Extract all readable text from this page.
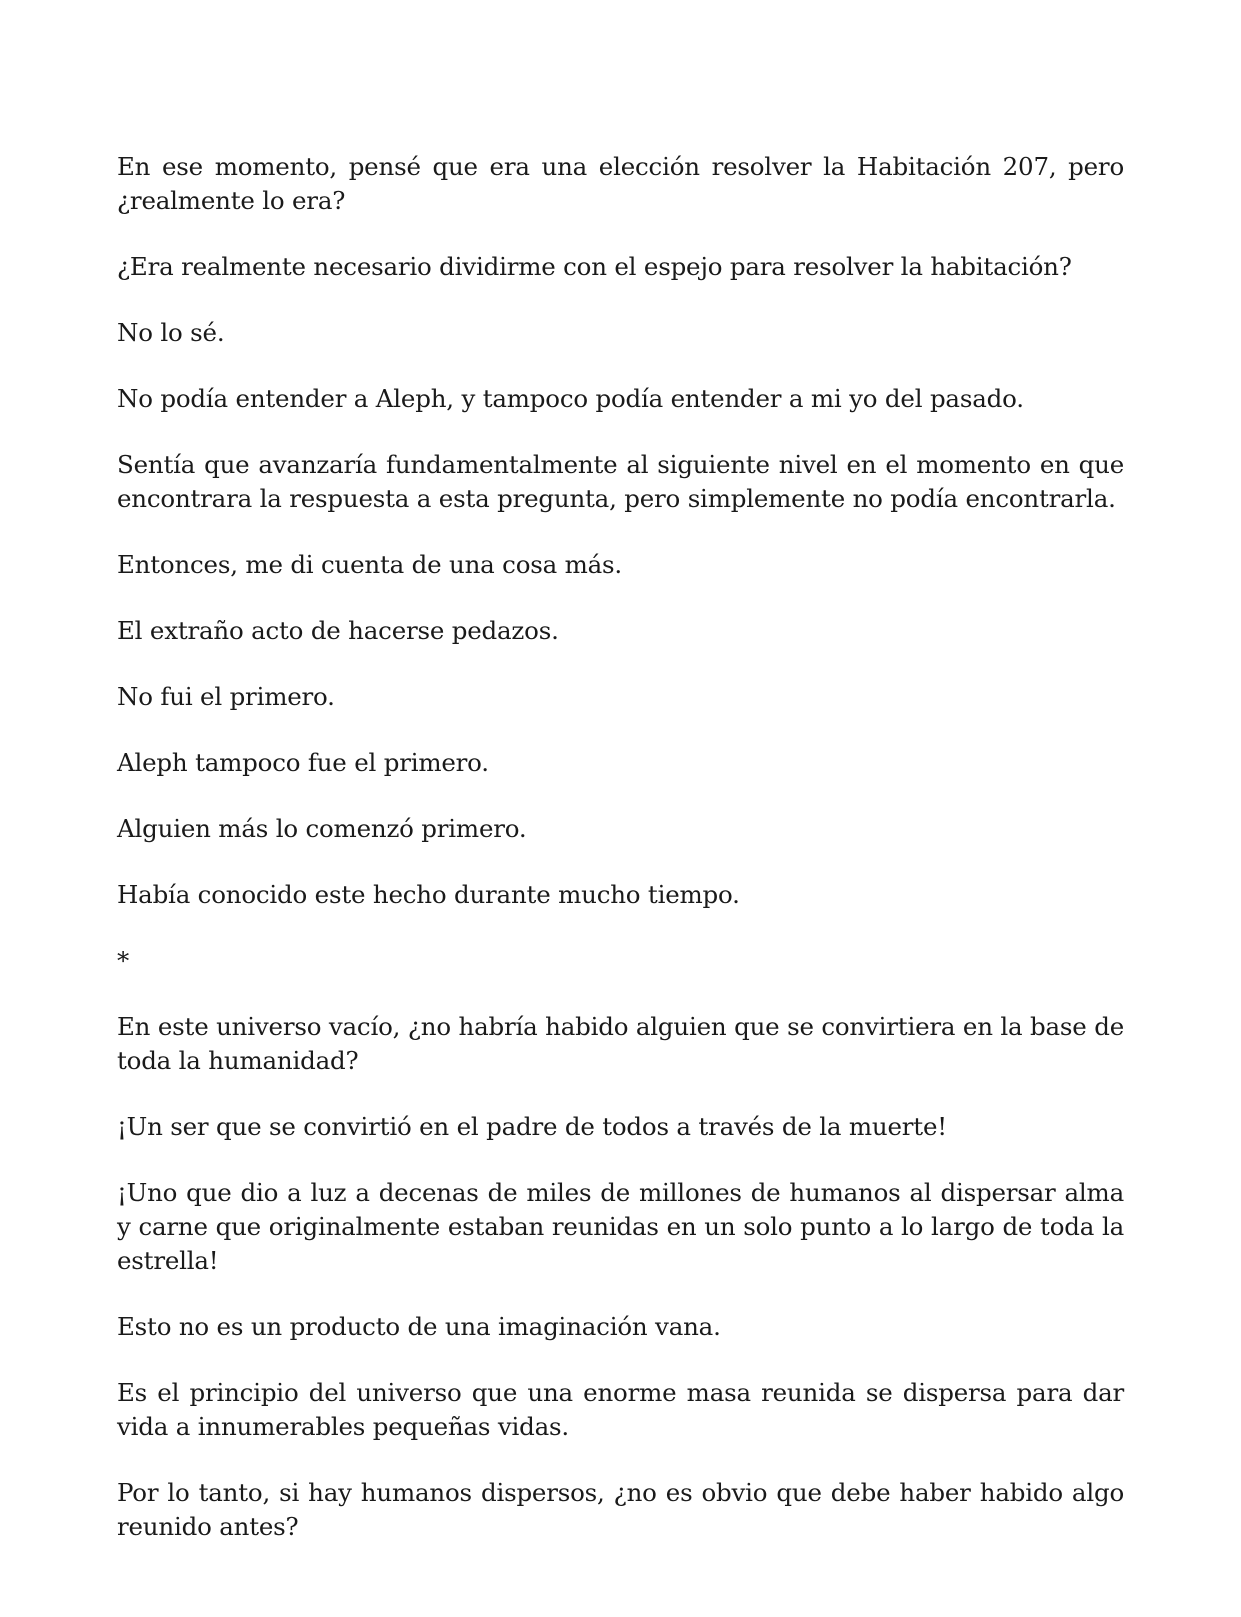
En ese momento, pensé que era una elección resolver la Habitación 207, pero ¿realmente lo era?

¿Era realmente necesario dividirme con el espejo para resolver la habitación?

No lo sé.

No podía entender a Aleph, y tampoco podía entender a mi yo del pasado.

Sentía que avanzaría fundamentalmente al siguiente nivel en el momento en que encontrara la respuesta a esta pregunta, pero simplemente no podía encontrarla.

Entonces, me di cuenta de una cosa más.

El extraño acto de hacerse pedazos.

No fui el primero.

Aleph tampoco fue el primero.

Alguien más lo comenzó primero.

Había conocido este hecho durante mucho tiempo.

*

En este universo vacío, ¿no habría habido alguien que se convirtiera en la base de toda la humanidad?

¡Un ser que se convirtió en el padre de todos a través de la muerte!

¡Uno que dio a luz a decenas de miles de millones de humanos al dispersar alma y carne que originalmente estaban reunidas en un solo punto a lo largo de toda la estrella!

Esto no es un producto de una imaginación vana.

Es el principio del universo que una enorme masa reunida se dispersa para dar vida a innumerables pequeñas vidas.

Por lo tanto, si hay humanos dispersos, ¿no es obvio que debe haber habido algo reunido antes?
